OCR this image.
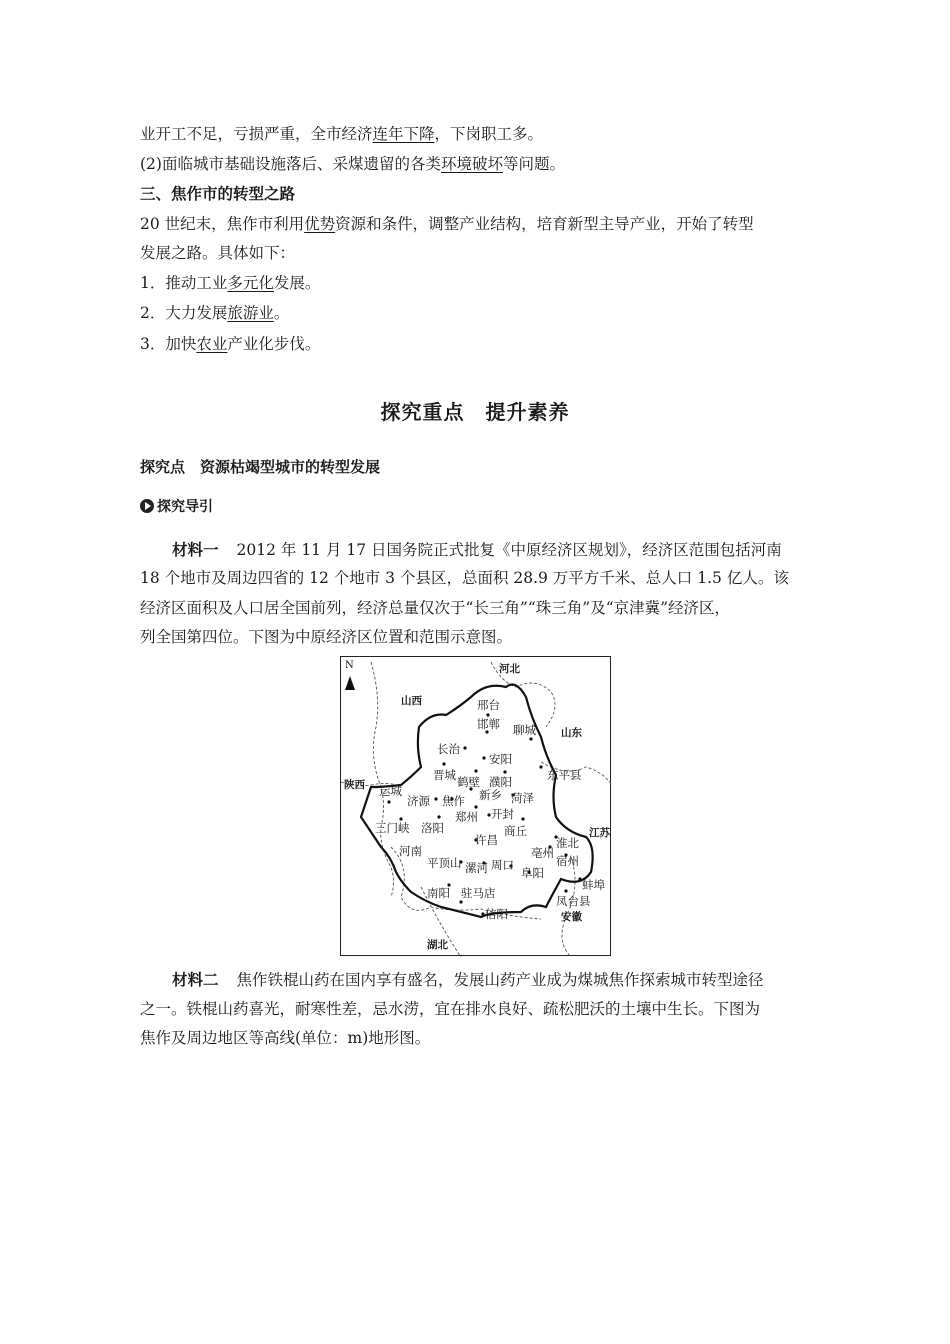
业开工不足，亏损严重，全市经济连年下降，下岗职工多。
(2)面临城市基础设施落后、采煤遗留的各类环境破坏等问题。
三、焦作市的转型之路
20 世纪末，焦作市利用优势资源和条件，调整产业结构，培育新型主导产业，开始了转型
发展之路。具体如下：
1．推动工业多元化发展。
2．大力发展旅游业。
3．加快农业产业化步伐。
探究重点　提升素养
探究点　资源枯竭型城市的转型发展
探究导引
材料一 2012 年 11 月 17 日国务院正式批复《中原经济区规划》，经济区范围包括河南
18 个地市及周边四省的 12 个地市 3 个县区，总面积 28.9 万平方千米、总人口 1.5 亿人。该
经济区面积及人口居全国前列，经济总量仅次于“长三角”“珠三角”及“京津冀”经济区，
列全国第四位。下图为中原经济区位置和范围示意图。
N	河北
山西
山东
陕西
江苏
河南
安徽
湖北
邢台
邯郸 聊城
长治
安阳
晋城 鹤壁 濮阳	东平县
运城
济源 焦作 新乡 菏泽
郑州 开封
三门峡 洛阳	商丘
许昌
亳州
淮北
宿州
平顶山 漯河 周口
阜阳
蚌埠
南阳 驻马店
凤台县
信阳
材料二 焦作铁棍山药在国内享有盛名，发展山药产业成为煤城焦作探索城市转型途径
之一。铁棍山药喜光，耐寒性差，忌水涝，宜在排水良好、疏松肥沃的土壤中生长。下图为
焦作及周边地区等高线(单位：m)地形图。
